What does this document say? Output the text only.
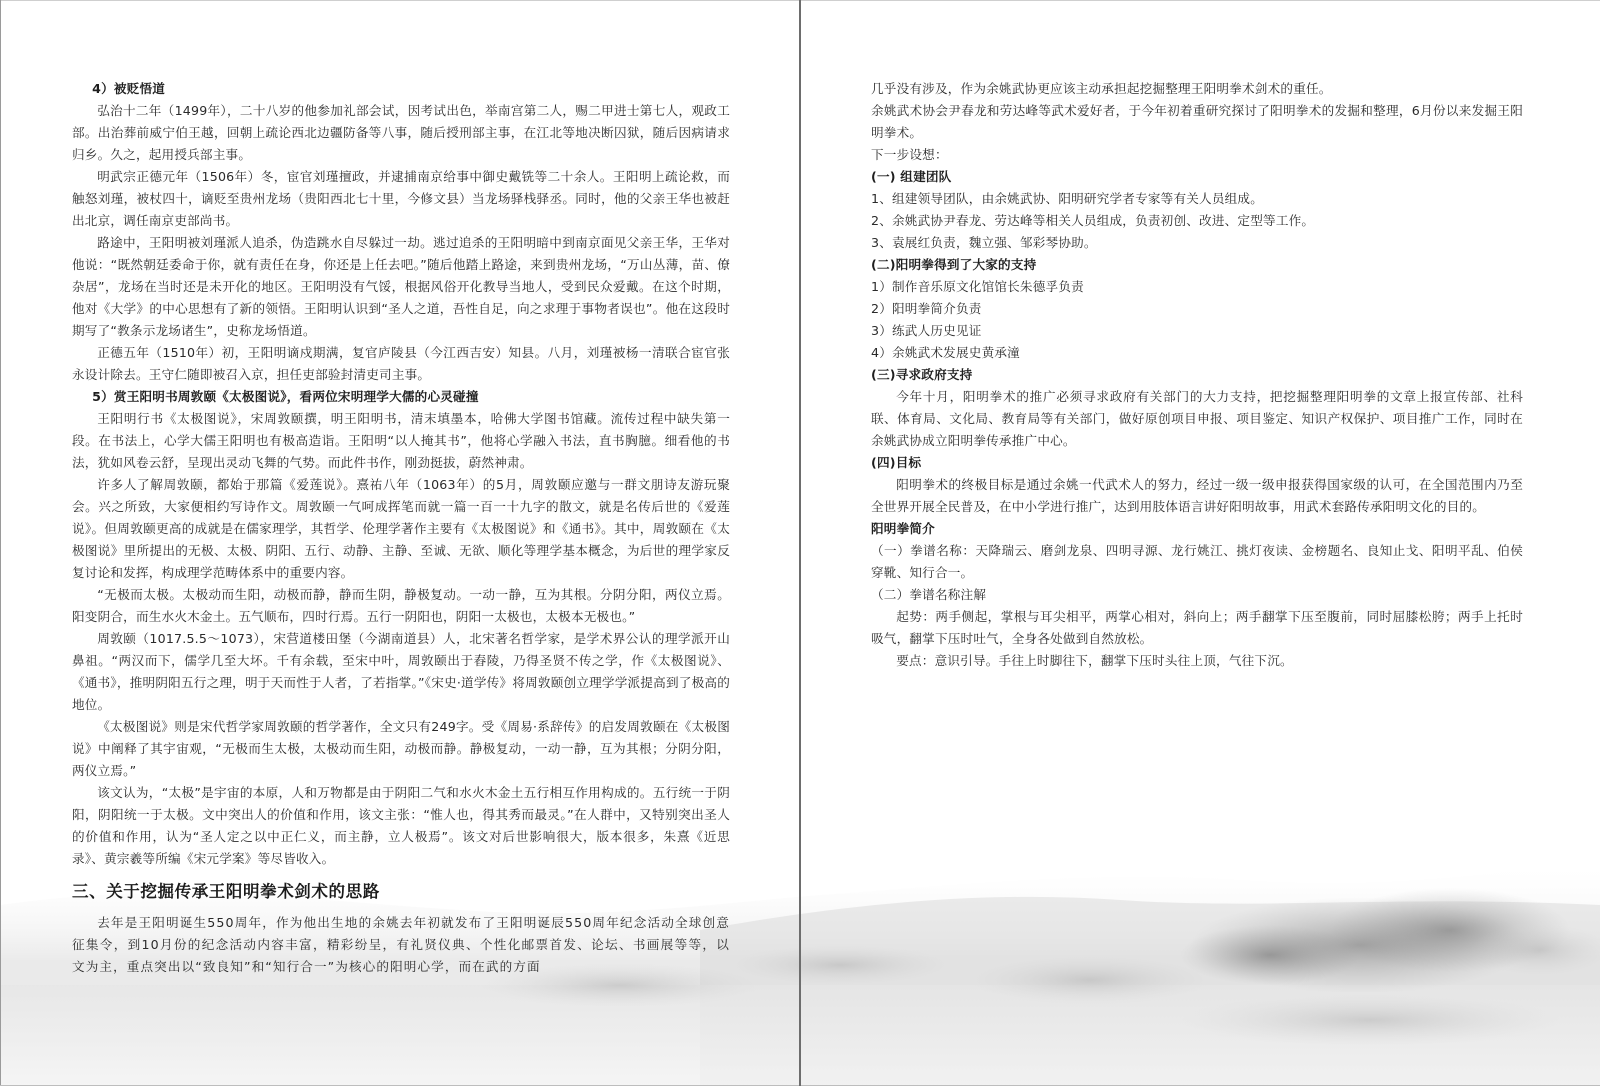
4）被贬悟道

弘治十二年（1499年），二十八岁的他参加礼部会试，因考试出色，举南宫第二人，赐二甲进士第七人，观政工部。出治葬前威宁伯王越，回朝上疏论西北边疆防备等八事，随后授刑部主事，在江北等地决断囚狱，随后因病请求归乡。久之，起用授兵部主事。

明武宗正德元年（1506年）冬，宦官刘瑾擅政，并逮捕南京给事中御史戴铣等二十余人。王阳明上疏论救，而触怒刘瑾，被杖四十，谪贬至贵州龙场（贵阳西北七十里，今修文县）当龙场驿栈驿丞。同时，他的父亲王华也被赶出北京，调任南京吏部尚书。

路途中，王阳明被刘瑾派人追杀，伪造跳水自尽躲过一劫。逃过追杀的王阳明暗中到南京面见父亲王华，王华对他说：“既然朝廷委命于你，就有责任在身，你还是上任去吧。”随后他踏上路途，来到贵州龙场，“万山丛薄，苗、僚杂居”，龙场在当时还是未开化的地区。王阳明没有气馁，根据风俗开化教导当地人，受到民众爱戴。在这个时期，他对《大学》的中心思想有了新的领悟。王阳明认识到“圣人之道，吾性自足，向之求理于事物者误也”。他在这段时期写了“教条示龙场诸生”，史称龙场悟道。

正德五年（1510年）初，王阳明谪戍期满，复官庐陵县（今江西吉安）知县。八月，刘瑾被杨一清联合宦官张永设计除去。王守仁随即被召入京，担任吏部验封清吏司主事。

5）赏王阳明书周敦颐《太极图说》，看两位宋明理学大儒的心灵碰撞

王阳明行书《太极图说》，宋周敦颐撰，明王阳明书，清末填墨本，哈佛大学图书馆藏。流传过程中缺失第一段。在书法上，心学大儒王阳明也有极高造诣。王阳明“以人掩其书”，他将心学融入书法，直书胸臆。细看他的书法，犹如风卷云舒，呈现出灵动飞舞的气势。而此件书作，刚劲挺拔，蔚然神肃。

许多人了解周敦颐，都始于那篇《爱莲说》。熹祐八年（1063年）的5月，周敦颐应邀与一群文朋诗友游玩聚会。兴之所致，大家便相约写诗作文。周敦颐一气呵成挥笔而就一篇一百一十九字的散文，就是名传后世的《爱莲说》。但周敦颐更高的成就是在儒家理学，其哲学、伦理学著作主要有《太极图说》和《通书》。其中，周敦颐在《太极图说》里所提出的无极、太极、阴阳、五行、动静、主静、至诚、无欲、顺化等理学基本概念，为后世的理学家反复讨论和发挥，构成理学范畴体系中的重要内容。

“无极而太极。太极动而生阳，动极而静，静而生阴，静极复动。一动一静，互为其根。分阴分阳，两仪立焉。阳变阴合，而生水火木金土。五气顺布，四时行焉。五行一阴阳也，阴阳一太极也，太极本无极也。”

周敦颐（1017.5.5～1073），宋营道楼田堡（今湖南道县）人，北宋著名哲学家，是学术界公认的理学派开山鼻祖。“两汉而下，儒学几至大坏。千有余载，至宋中叶，周敦颐出于舂陵，乃得圣贤不传之学，作《太极图说》、《通书》，推明阴阳五行之理，明于天而性于人者，了若指掌。”《宋史·道学传》将周敦颐创立理学学派提高到了极高的地位。

《太极图说》则是宋代哲学家周敦颐的哲学著作，全文只有249字。受《周易·系辞传》的启发周敦颐在《太极图说》中阐释了其宇宙观，“无极而生太极，太极动而生阳，动极而静。静极复动，一动一静，互为其根；分阴分阳，两仪立焉。”

该文认为，“太极”是宇宙的本原，人和万物都是由于阴阳二气和水火木金土五行相互作用构成的。五行统一于阴阳，阴阳统一于太极。文中突出人的价值和作用，该文主张：“惟人也，得其秀而最灵。”在人群中，又特别突出圣人的价值和作用，认为“圣人定之以中正仁义，而主静，立人极焉”。该文对后世影响很大，版本很多，朱熹《近思录》、黄宗羲等所编《宋元学案》等尽皆收入。

三、关于挖掘传承王阳明拳术剑术的思路

去年是王阳明诞生550周年，作为他出生地的余姚去年初就发布了王阳明诞辰550周年纪念活动全球创意征集令，到10月份的纪念活动内容丰富，精彩纷呈，有礼贤仪典、个性化邮票首发、论坛、书画展等等，以文为主，重点突出以“致良知”和“知行合一”为核心的阳明心学，而在武的方面

几乎没有涉及，作为余姚武协更应该主动承担起挖掘整理王阳明拳术剑术的重任。

余姚武术协会尹春龙和劳达峰等武术爱好者，于今年初着重研究探讨了阳明拳术的发掘和整理，6月份以来发掘王阳明拳术。

下一步设想：

(一) 组建团队

1、组建领导团队，由余姚武协、阳明研究学者专家等有关人员组成。

2、余姚武协尹春龙、劳达峰等相关人员组成，负责初创、改进、定型等工作。

3、袁展红负责，魏立强、邹彩琴协助。

(二)阳明拳得到了大家的支持

1）制作音乐原文化馆馆长朱德孚负责

2）阳明拳简介负责

3）练武人历史见证

4）余姚武术发展史黄承潼

(三)寻求政府支持

今年十月，阳明拳术的推广必须寻求政府有关部门的大力支持，把挖掘整理阳明拳的文章上报宣传部、社科联、体育局、文化局、教育局等有关部门，做好原创项目申报、项目鉴定、知识产权保护、项目推广工作，同时在余姚武协成立阳明拳传承推广中心。

(四)目标

阳明拳术的终极目标是通过余姚一代武术人的努力，经过一级一级申报获得国家级的认可，在全国范围内乃至全世界开展全民普及，在中小学进行推广，达到用肢体语言讲好阳明故事，用武术套路传承阳明文化的目的。

阳明拳简介

（一）拳谱名称：天降瑞云、磨剑龙泉、四明寻源、龙行姚江、挑灯夜读、金榜题名、良知止戈、阳明平乱、伯侯穿靴、知行合一。

（二）拳谱名称注解

起势：两手侧起，掌根与耳尖相平，两掌心相对，斜向上；两手翻掌下压至腹前，同时屈膝松胯；两手上托时吸气，翻掌下压时吐气，全身各处做到自然放松。

要点：意识引导。手往上时脚往下，翻掌下压时头往上顶，气往下沉。
